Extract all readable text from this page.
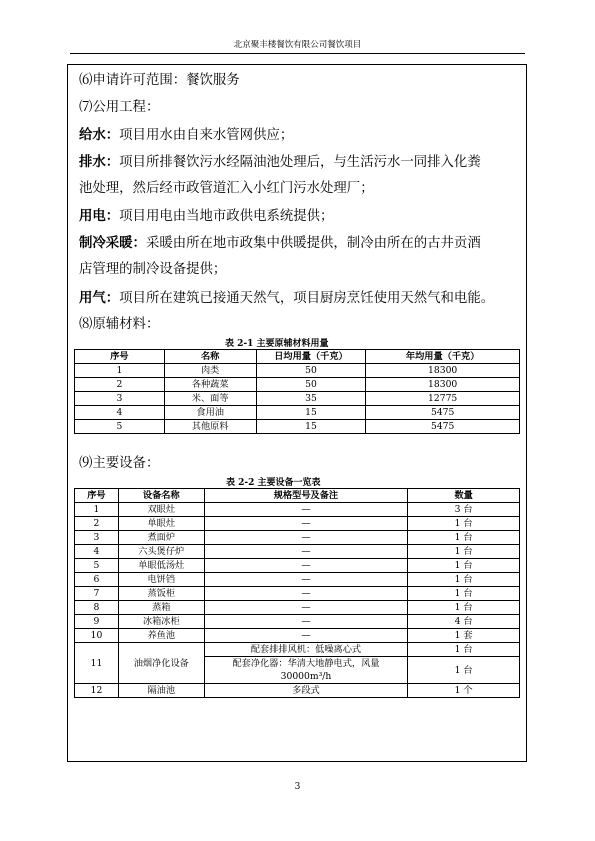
北京聚丰楼餐饮有限公司餐饮项目
⑹申请许可范围：餐饮服务
⑺公用工程：
给水：项目用水由自来水管网供应；
排水：项目所排餐饮污水经隔油池处理后，与生活污水一同排入化粪
池处理，然后经市政管道汇入小红门污水处理厂；
用电：项目用电由当地市政供电系统提供；
制冷采暖：采暖由所在地市政集中供暖提供，制冷由所在的古井贡酒
店管理的制冷设备提供；
用气：项目所在建筑已接通天然气，项目厨房烹饪使用天然气和电能。
⑻原辅材料：
表 2-1 主要原辅材料用量
序号	名称	日均用量（千克）	年均用量（千克）
1	肉类	50	18300
2	各种蔬菜	50	18300
3	米、面等	35	12775
4	食用油	15	5475
5	其他原料	15	5475
⑼主要设备：
表 2-2 主要设备一览表
序号	设备名称	规格型号及备注	数量
1	双眼灶	—	3 台
2	单眼灶	—	1 台
3	煮面炉	—	1 台
4	六头煲仔炉	—	1 台
5	单眼低汤灶	—	1 台
6	电饼铛	—	1 台
7	蒸饭柜	—	1 台
8	蒸箱	—	1 台
9	冰箱冰柜	—	4 台
10	养鱼池	—	1 套
11	油烟净化设备	配套排排风机：低噪离心式	1 台
		配套净化器：华清大地静电式，风量 30000m³/h	1 台
12	隔油池	多段式	1 个
3
